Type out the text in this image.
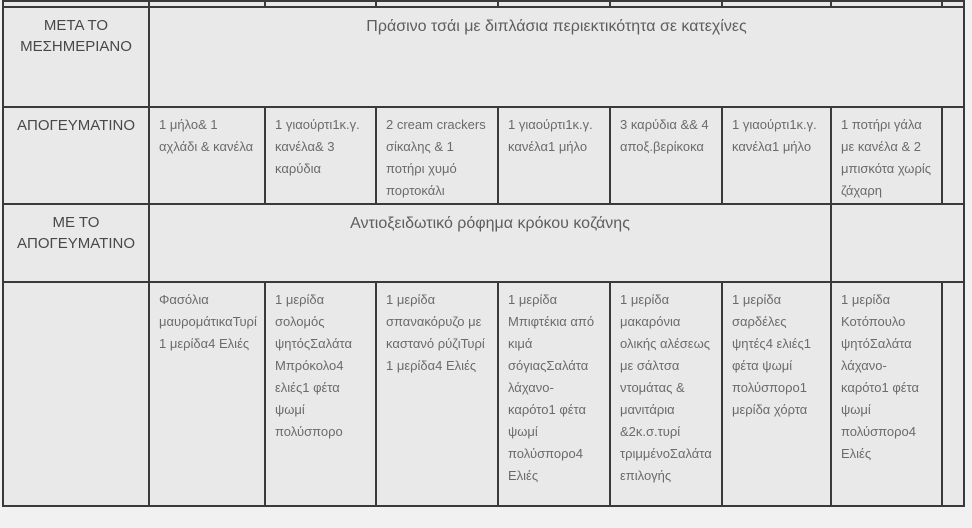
ΜΕΤΑ ΤΟ ΜΕΣΗΜΕΡΙΑΝΟ	Πράσινο τσάι με διπλάσια περιεκτικότητα σε κατεχίνες							
ΑΠΟΓΕΥΜΑΤΙΝΟ	1 μήλο& 1 αχλάδι & κανέλα	1 γιαούρτι1κ.γ. κανέλα& 3 καρύδια	2 cream crackers σίκαλης & 1 ποτήρι χυμό πορτοκάλι	1 γιαούρτι1κ.γ. κανέλα1 μήλο	3 καρύδια && 4 αποξ.βερίκοκα	1 γιαούρτι1κ.γ. κανέλα1 μήλο	1 ποτήρι γάλα με κανέλα & 2 μπισκότα χωρίς ζάχαρη	
ΜΕ ΤΟ ΑΠΟΓΕΥΜΑΤΙΝΟ	Αντιοξειδωτικό ρόφημα κρόκου κοζάνης							
	Φασόλια μαυρομάτικαΤυρί 1 μερίδα4 Ελιές	1 μερίδα σολομός ψητόςΣαλάτα Μπρόκολο4 ελιές1 φέτα ψωμί πολύσπορο	1 μερίδα σπανακόρυζο με καστανό ρύζιΤυρί 1 μερίδα4 Ελιές	1 μερίδα Μπιφτέκια από κιμά σόγιαςΣαλάτα λάχανο-καρότο1 φέτα ψωμί πολύσπορο4 Ελιές	1 μερίδα μακαρόνια ολικής αλέσεως με σάλτσα ντομάτας & μανιτάρια &2κ.σ.τυρί τριμμένοΣαλάτα επιλογής	1 μερίδα σαρδέλες ψητές4 ελιές1 φέτα ψωμί πολύσπορο1 μερίδα χόρτα	1 μερίδα Κοτόπουλο ψητόΣαλάτα λάχανο-καρότο1 φέτα ψωμί πολύσπορο4 Ελιές	
